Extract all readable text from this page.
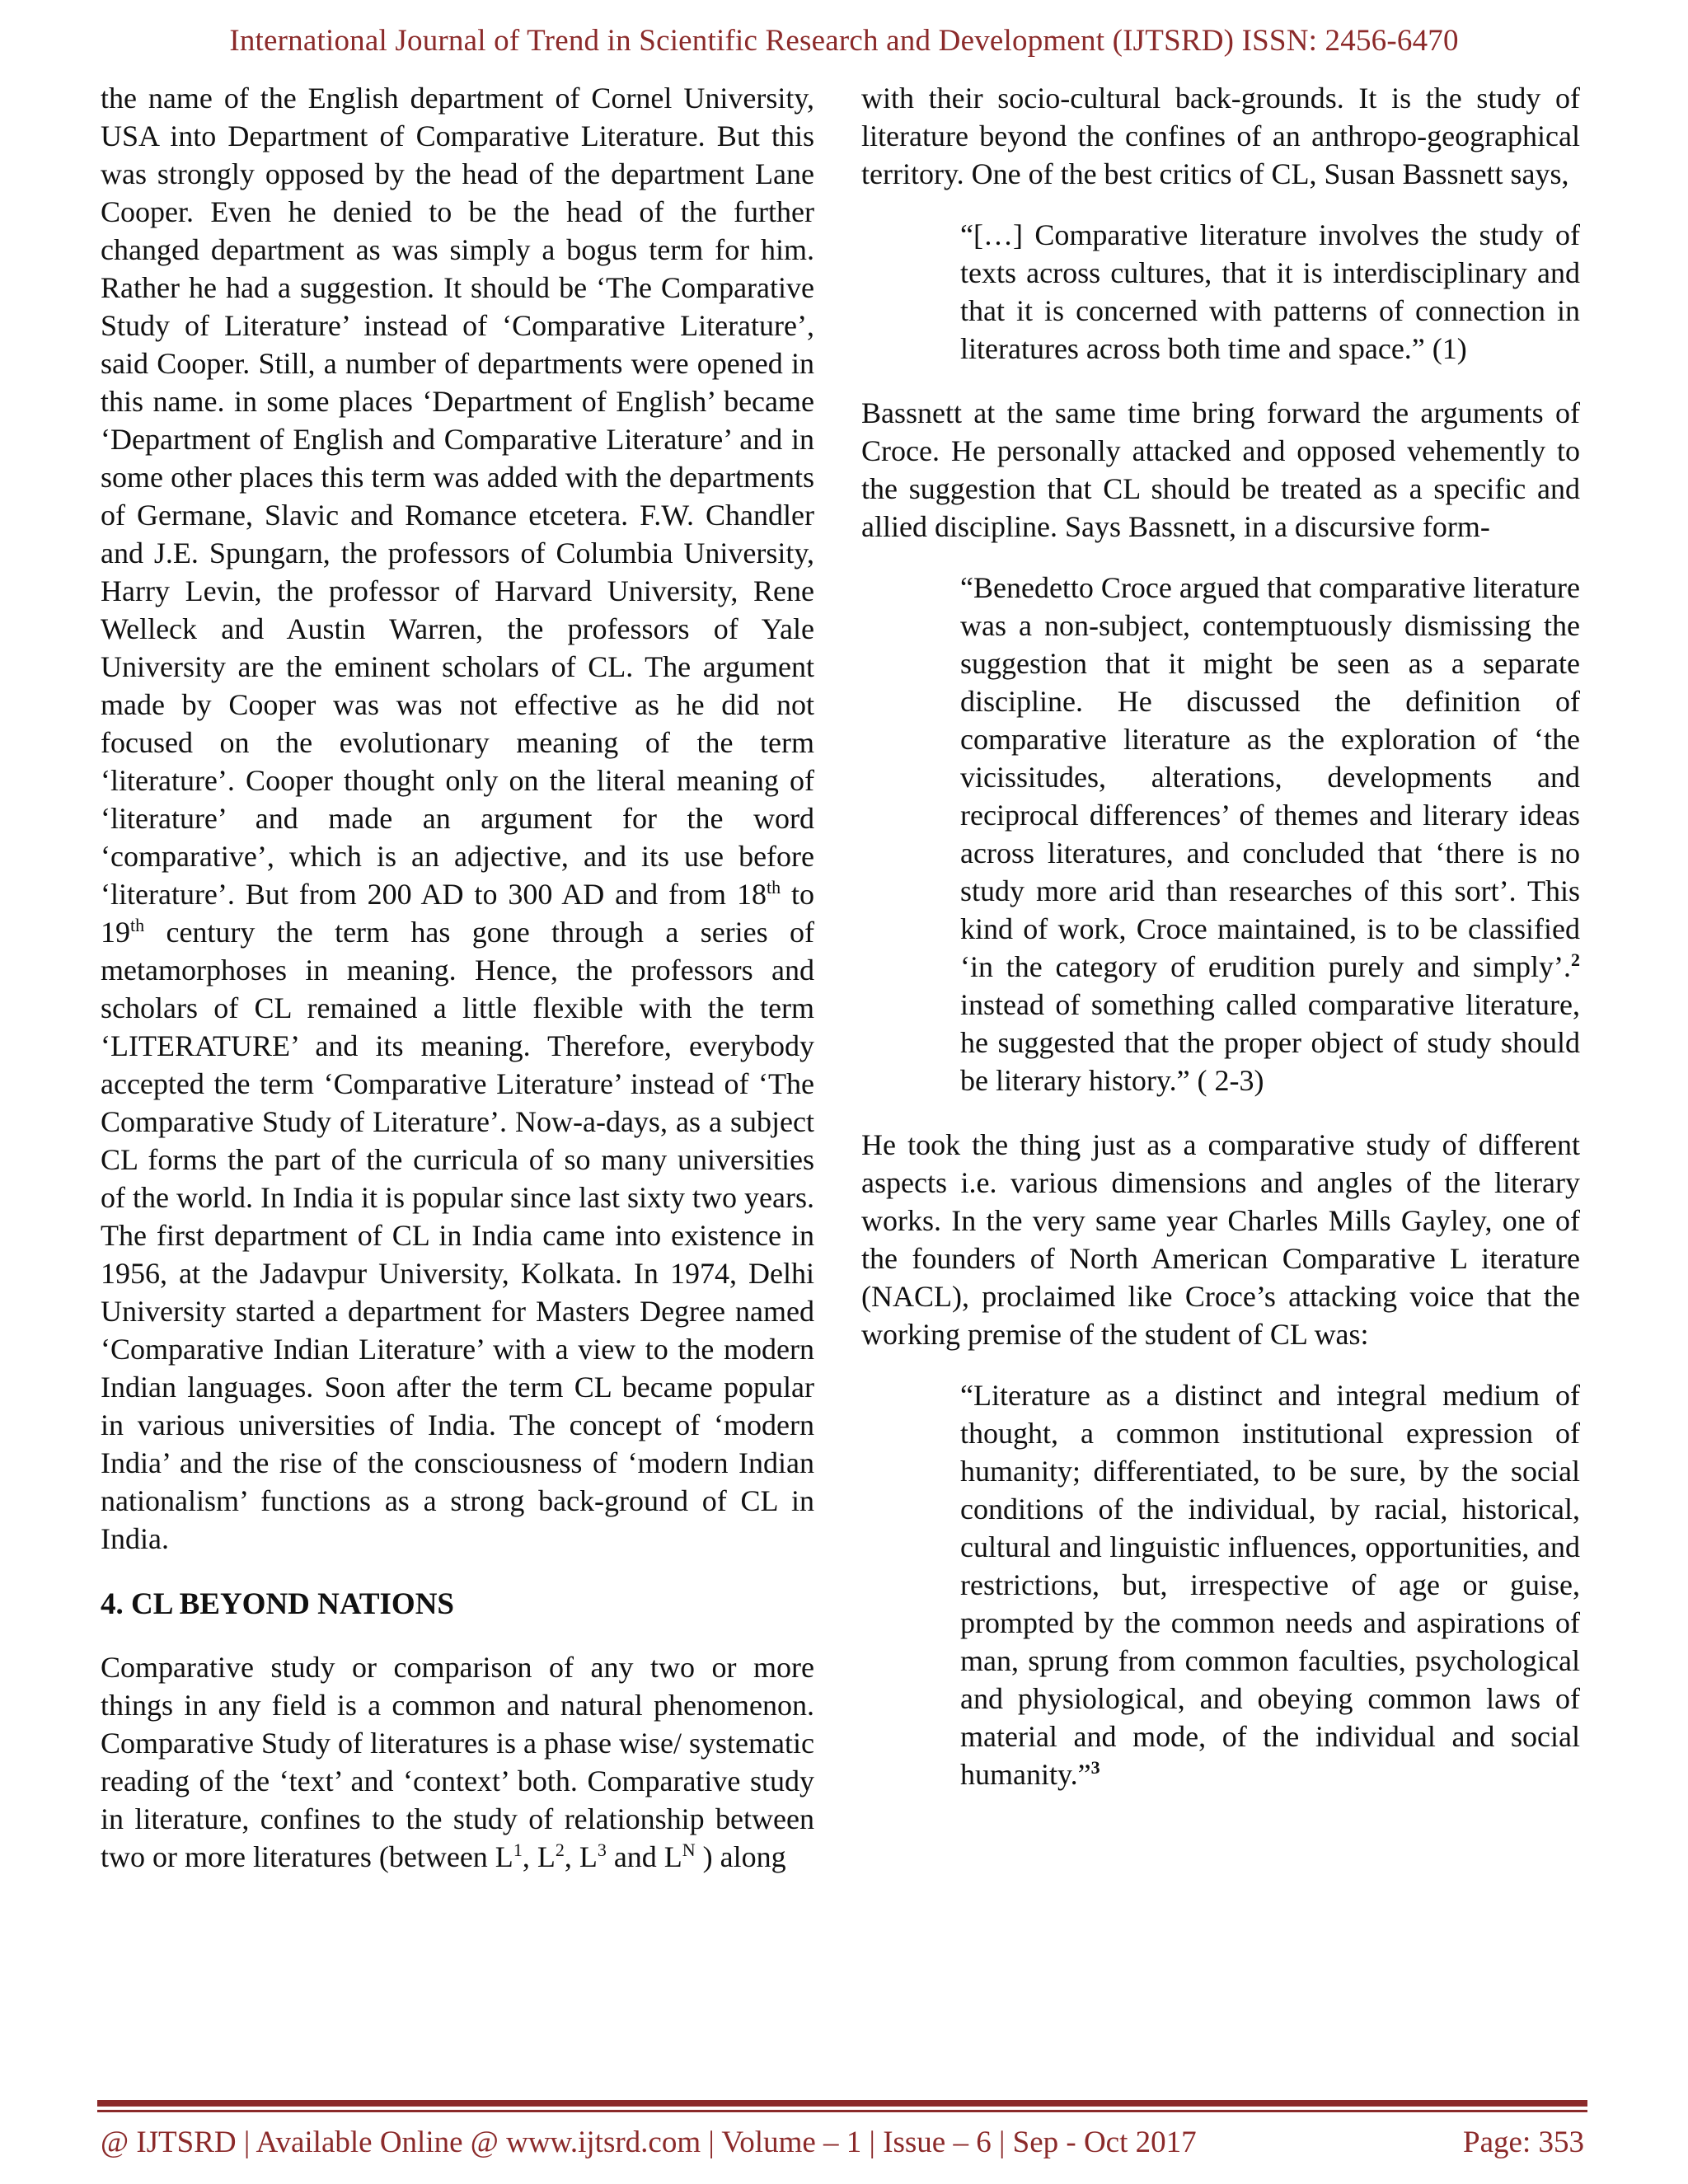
International Journal of Trend in Scientific Research and Development (IJTSRD) ISSN: 2456-6470

the name of the English department of Cornel University, USA into Department of Comparative Literature. But this was strongly opposed by the head of the department Lane Cooper. Even he denied to be the head of the further changed department as was simply a bogus term for him. Rather he had a suggestion. It should be ‘The Comparative Study of Literature’ instead of ‘Comparative Literature’, said Cooper. Still, a number of departments were opened in this name. in some places ‘Department of English’ became ‘Department of English and Comparative Literature’ and in some other places this term was added with the departments of Germane, Slavic and Romance etcetera. F.W. Chandler and J.E. Spungarn, the professors of Columbia University, Harry Levin, the professor of Harvard University, Rene Welleck and Austin Warren, the professors of Yale University are the eminent scholars of CL. The argument made by Cooper was was not effective as he did not focused on the evolutionary meaning of the term ‘literature’. Cooper thought only on the literal meaning of ‘literature’ and made an argument for the word ‘comparative’, which is an adjective, and its use before ‘literature’. But from 200 AD to 300 AD and from 18th to 19th century the term has gone through a series of metamorphoses in meaning. Hence, the professors and scholars of CL remained a little flexible with the term ‘LITERATURE’ and its meaning. Therefore, everybody accepted the term ‘Comparative Literature’ instead of ‘The Comparative Study of Literature’. Now-a-days, as a subject CL forms the part of the curricula of so many universities of the world. In India it is popular since last sixty two years. The first department of CL in India came into existence in 1956, at the Jadavpur University, Kolkata. In 1974, Delhi University started a department for Masters Degree named ‘Comparative Indian Literature’ with a view to the modern Indian languages. Soon after the term CL became popular in various universities of India. The concept of ‘modern India’ and the rise of the consciousness of ‘modern Indian nationalism’ functions as a strong back-ground of CL in India.

4. CL BEYOND NATIONS

Comparative study or comparison of any two or more things in any field is a common and natural phenomenon. Comparative Study of literatures is a phase wise/ systematic reading of the ‘text’ and ‘context’ both. Comparative study in literature, confines to the study of relationship between two or more literatures (between $L^1$, $L^2$, $L^3$ and $L^N$ ) along

with their socio-cultural back-grounds. It is the study of literature beyond the confines of an anthropo-geographical territory. One of the best critics of CL, Susan Bassnett says,

“[…] Comparative literature involves the study of texts across cultures, that it is interdisciplinary and that it is concerned with patterns of connection in literatures across both time and space.” (1)

Bassnett at the same time bring forward the arguments of Croce. He personally attacked and opposed vehemently to the suggestion that CL should be treated as a specific and allied discipline. Says Bassnett, in a discursive form-

“Benedetto Croce argued that comparative literature was a non-subject, contemptuously dismissing the suggestion that it might be seen as a separate discipline. He discussed the definition of comparative literature as the exploration of ‘the vicissitudes, alterations, developments and reciprocal differences’ of themes and literary ideas across literatures, and concluded that ‘there is no study more arid than researches of this sort’. This kind of work, Croce maintained, is to be classified ‘in the category of erudition purely and simply’.$^2$ instead of something called comparative literature, he suggested that the proper object of study should be literary history.” ( 2-3)

He took the thing just as a comparative study of different aspects i.e. various dimensions and angles of the literary works. In the very same year Charles Mills Gayley, one of the founders of North American Comparative L iterature (NACL), proclaimed like Croce’s attacking voice that the working premise of the student of CL was:

“Literature as a distinct and integral medium of thought, a common institutional expression of humanity; differentiated, to be sure, by the social conditions of the individual, by racial, historical, cultural and linguistic influences, opportunities, and restrictions, but, irrespective of age or guise, prompted by the common needs and aspirations of man, sprung from common faculties, psychological and physiological, and obeying common laws of material and mode, of the individual and social humanity.”$^3$

@ IJTSRD | Available Online @ www.ijtsrd.com | Volume – 1 | Issue – 6 | Sep - Oct 2017	Page: 353
